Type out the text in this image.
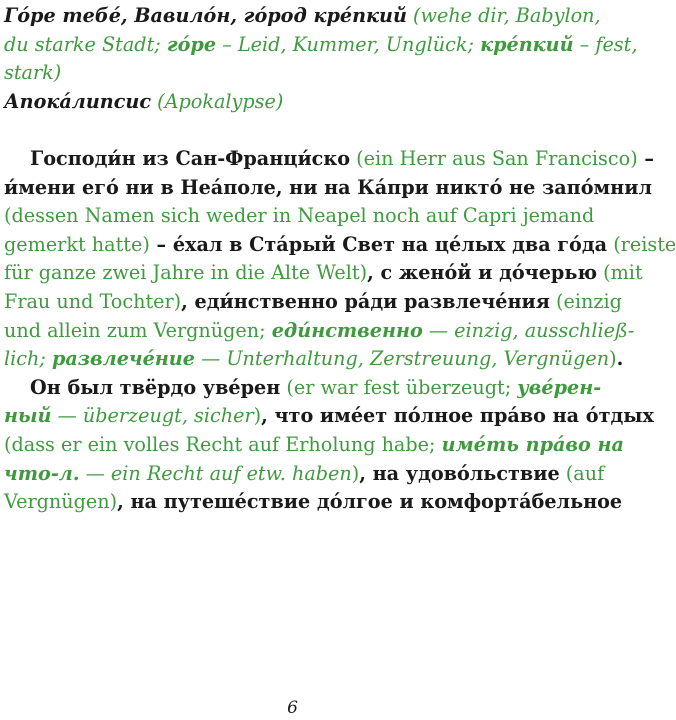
Гóре тебé, Вавилóн, гóрод крéпкий (wehe dir, Babylon,
du starke Stadt; гóре – Leid, Kummer, Unglück; крéпкий – fest,
stark)
Апокáлипсис (Apokalypse)
Господи́н из Сан-Франци́ско (ein Herr aus San Francisco) –
и́мени егó ни в Неáполе, ни на Кáпри никтó не запóмнил
(dessen Namen sich weder in Neapel noch auf Capri jemand
gemerkt hatte) – éхал в Стáрый Свет на цéлых два гóда (reiste
für ganze zwei Jahre in die Alte Welt), с женóй и дóчерью (mit
Frau und Tochter), еди́нственно рáди развлечéния (einzig
und allein zum Vergnügen; еди́нственно — einzig, ausschließ-
lich; развлечéние — Unterhaltung, Zerstreuung, Vergnügen).
Он был твёрдо увéрен (er war fest überzeugt; увéрен-
ный — überzeugt, sicher), что имéет пóлное прáво на óтдых
(dass er ein volles Recht auf Erholung habe; имéть прáво на
что-л. — ein Recht auf etw. haben), на удовóльствие (auf
Vergnügen), на путешéствие дóлгое и комфортáбельное
6
